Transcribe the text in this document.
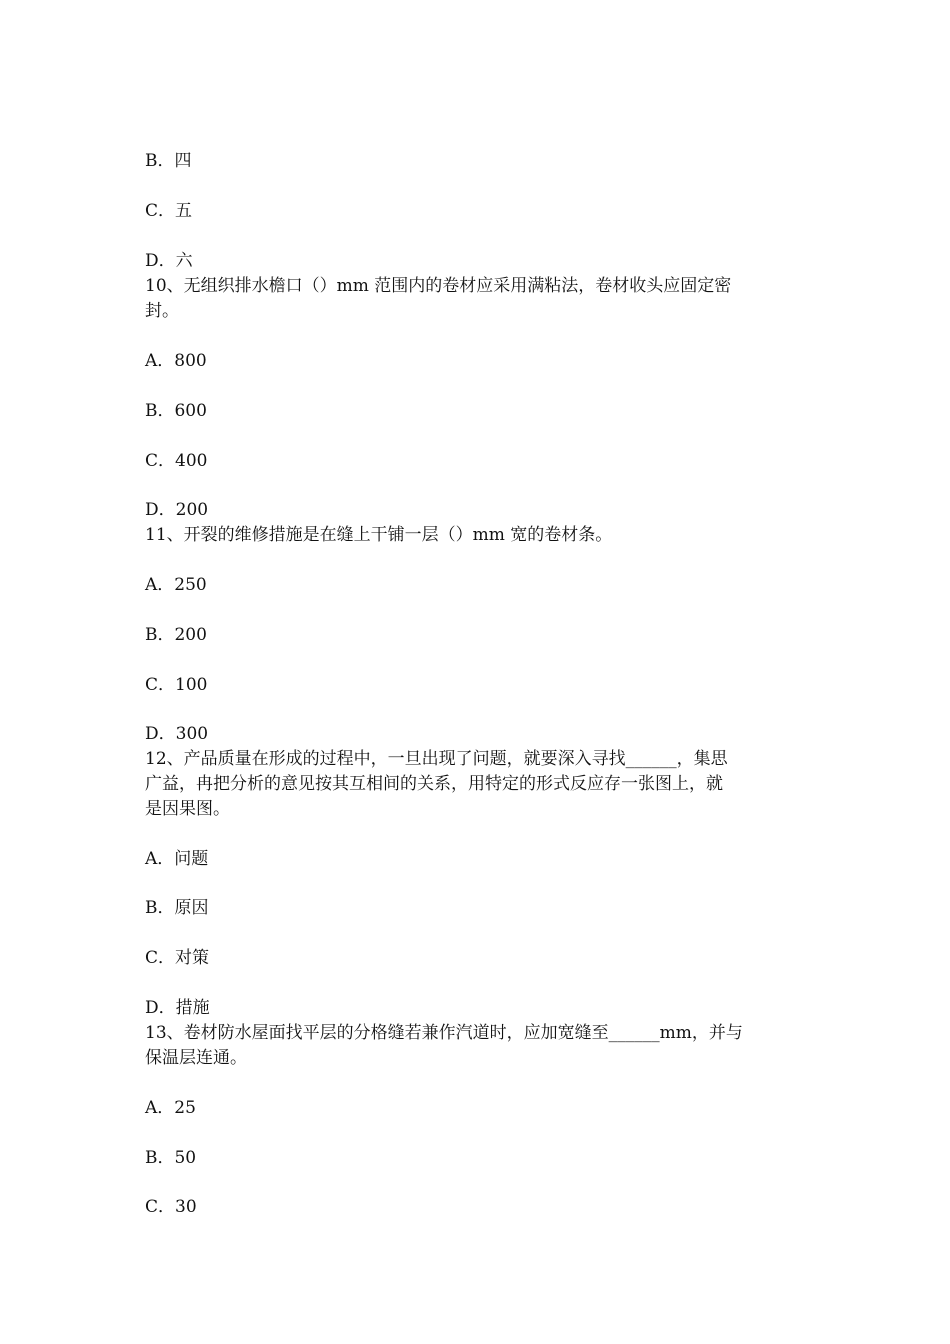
B．四
C．五
D．六
10、无组织排水檐口（）mm 范围内的卷材应采用满粘法，卷材收头应固定密
封。
A．800
B．600
C．400
D．200
11、开裂的维修措施是在缝上干铺一层（）mm 宽的卷材条。
A．250
B．200
C．100
D．300
12、产品质量在形成的过程中，一旦出现了问题，就要深入寻找______，集思
广益，冉把分析的意见按其互相间的关系，用特定的形式反应存一张图上，就
是因果图。
A．问题
B．原因
C．对策
D．措施
13、卷材防水屋面找平层的分格缝若兼作汽道时，应加宽缝至______mm，并与
保温层连通。
A．25
B．50
C．30
